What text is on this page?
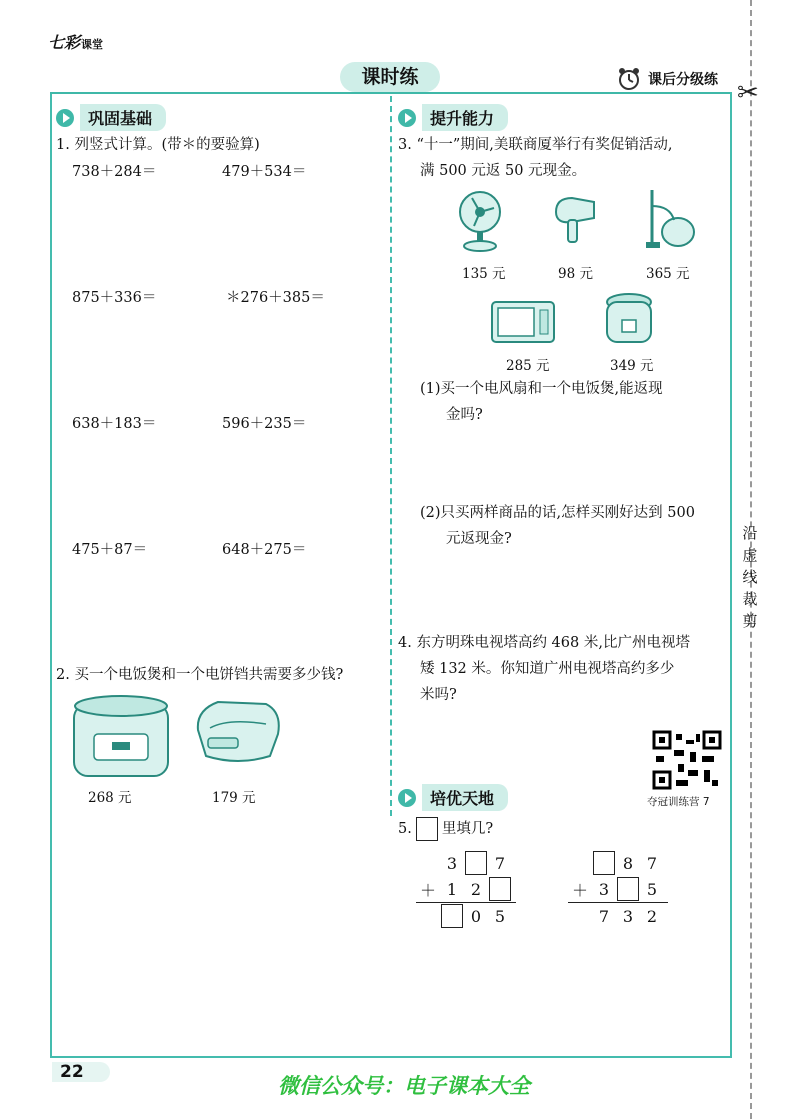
七彩课堂
课时练	课后分级练 ✂
沿虚线裁剪
巩固基础
1. 列竖式计算。(带＊的要验算)
738＋284＝	479＋534＝
875＋336＝	＊276＋385＝
638＋183＝	596＋235＝
475＋87＝	648＋275＝
2. 买一个电饭煲和一个电饼铛共需要多少钱?
268 元	179 元
提升能力
3. “十一”期间,美联商厦举行有奖促销活动,
满 500 元返 50 元现金。
135 元	98 元	365 元
285 元	349 元
(1)买一个电风扇和一个电饭煲,能返现
金吗?
(2)只买两样商品的话,怎样买刚好达到 500
元返现金?
4. 东方明珠电视塔高约 468 米,比广州电视塔
矮 132 米。你知道广州电视塔高约多少
米吗?
夺冠训练营 7
培优天地
5. 里填几?
3	7
＋ 1 2
0 5
8 7
＋ 3	5
7 3 2
22
微信公众号：电子课本大全
